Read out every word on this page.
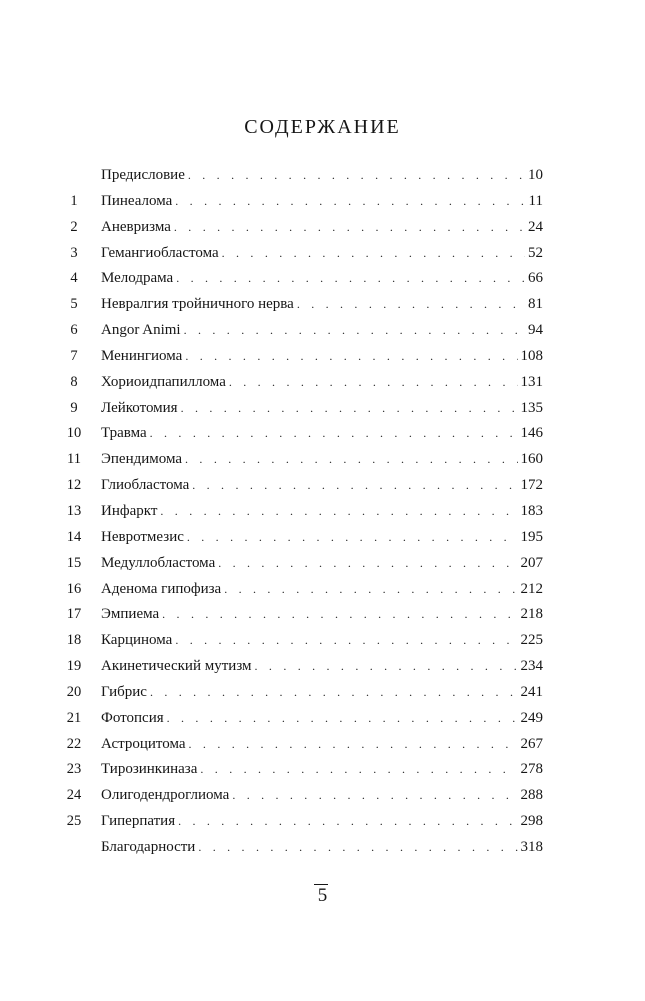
СОДЕРЖАНИЕ
Предисловие . . .	10
1	Пинеалома . . .	11
2	Аневризма . . .	24
3	Гемангиобластома . . .	52
4	Мелодрама . . .	66
5	Невралгия тройничного нерва . . .	81
6	Angor Animi . . .	94
7	Менингиома . . .	108
8	Хориоидпапиллома . . .	131
9	Лейкотомия . . .	135
10	Травма . . .	146
11	Эпендимома . . .	160
12	Глиобластома . . .	172
13	Инфаркт . . .	183
14	Невротмезис . . .	195
15	Медуллобластома . . .	207
16	Аденома гипофиза . . .	212
17	Эмпиема . . .	218
18	Карцинома . . .	225
19	Акинетический мутизм . . .	234
20	Гибрис . . .	241
21	Фотопсия . . .	249
22	Астроцитома . . .	267
23	Тирозинкиназа . . .	278
24	Олигодендроглиома . . .	288
25	Гиперпатия . . .	298
Благодарности . . .	318
5
